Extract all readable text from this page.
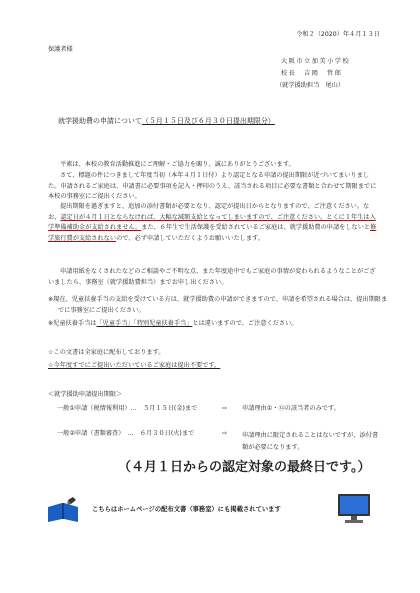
令和２（2020）年４月１３日
保護者様
大阪市立加美小学校
校長　吉岡　哲郎
（就学援助担当　尾山）
就学援助費の申請について（５月１５日及び６月３０日提出期限分）
平素は、本校の教育活動推進にご理解・ご協力を賜り、誠にありがとうございます。
さて、標題の件につきまして年度当初（本年４月１日付）より認定となる申請の提出期限が近づいてまいりました。申請されるご家庭は、申請書に必要事項を記入・押印のうえ、該当される項目に必要な書類と合わせて期限までに本校の事務室にご提出ください。
提出期限を過ぎますと、追加の添付書類が必要となり、認定が提出日からとなりますので、ご注意ください。なお、認定日が４月１日とならなければ、大幅な減額支給となってしまいますので、ご注意ください。とくに１年生は入学準備補助金が支給されません。また、６年生で生活保護を受給されているご家庭は、就学援助費の申請をしないと修学旅行費が支給されないので、必ず申請していただくようお願いいたします。
申請用紙をなくされたなどのご相談やご不明な点、また年度途中でもご家庭の事情が変わられるようなことがございましたら、事務室（就学援助費担当）までお申し出ください。
※現在、児童扶養手当の支給を受けている方は、就学援助費の申請ができますので、申請を希望される場合は、提出期限までに事務室にご提出ください。
※児童扶養手当は「児童手当」「特別児童扶養手当」とは違いますので、ご注意ください。
☆この文書は全家庭に配布しております。
☆今年度すでにご提出いただいているご家庭は提出不要です。
＜就学援助申請提出期限＞
一般①申請（税情報利用）…　５月１５日(金)まで	⇨ 申請理由①・⑫の該当者のみです。
一般②申請（書類審査）　…　６月３０日(火)まで	⇨ 申請理由に限定されることはないですが、添付書類が必要になります。
（４月１日からの認定対象の最終日です。）
こちらはホームページの配布文書（事務室）にも掲載されています
